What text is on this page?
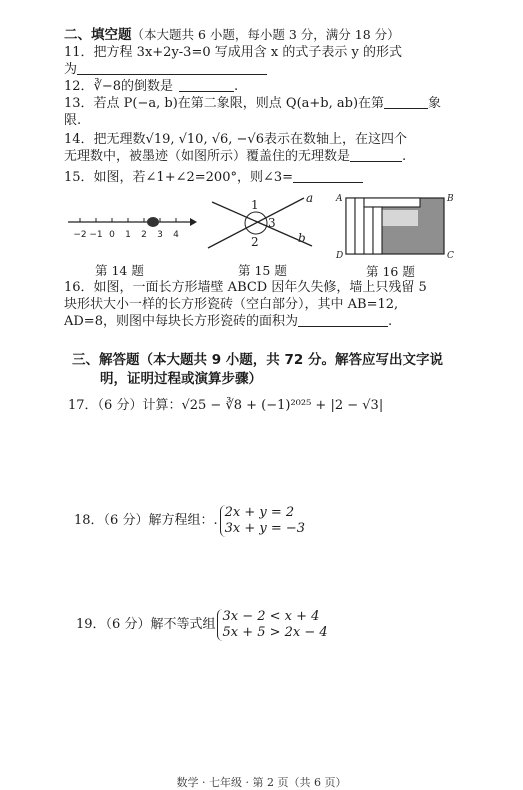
二、填空题（本大题共 6 小题，每小题 3 分，满分 18 分）
11．把方程 3x+2y-3=0 写成用含 x 的式子表示 y 的形式
为
12．∛−8的倒数是	.
13．若点 P(−a, b)在第二象限，则点 Q(a+b, ab)在第	象
限.
14．把无理数√19, √10, √6, −√6表示在数轴上，在这四个
无理数中，被墨迹（如图所示）覆盖住的无理数是	.
15．如图，若∠1+∠2=200°，则∠3=
−2 −1 0 1 2 3 4
第 14 题
1
3
2
a
b
第 15 题
A	B
C
D
第 16 题
16．如图，一面长方形墙壁 ABCD 因年久失修，墙上只残留 5
块形状大小一样的长方形瓷砖（空白部分），其中 AB=12,
AD=8，则图中每块长方形瓷砖的面积为	.
三、解答题（本大题共 9 小题，共 72 分。解答应写出文字说
明，证明过程或演算步骤）
17．（6 分）计算：√25 − ∛8 + (−1)²⁰²⁵ + |2 − √3|
18．（6 分）解方程组：.
2x + y = 2
3x + y = −3
19．（6 分）解不等式组
3x − 2 < x + 4
5x + 5 > 2x − 4
数学 · 七年级 · 第 2 页（共 6 页）
